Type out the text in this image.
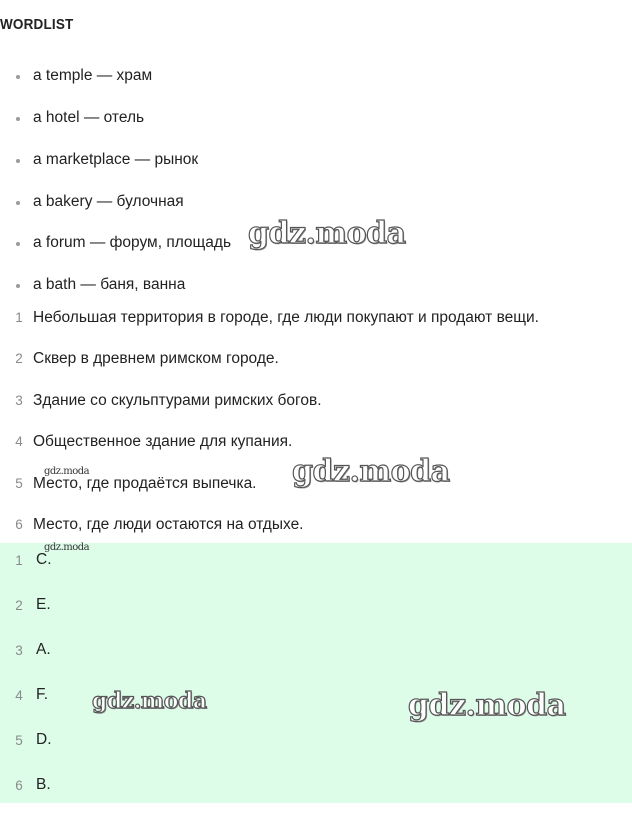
WORDLIST
a temple — храм
a hotel — отель
a marketplace — рынок
a bakery — булочная
a forum — форум, площадь
a bath — баня, ванна
1 Небольшая территория в городе, где люди покупают и продают вещи.
2 Сквер в древнем римском городе.
3 Здание со скульптурами римских богов.
4 Общественное здание для купания.
5 Место, где продаётся выпечка.
6 Место, где люди остаются на отдыхе.
1 C.
2 E.
3 A.
4 F.
5 D.
6 B.
gdz.moda
gdz.moda
gdz.moda
gdz.moda
gdz.moda	gdz.moda
